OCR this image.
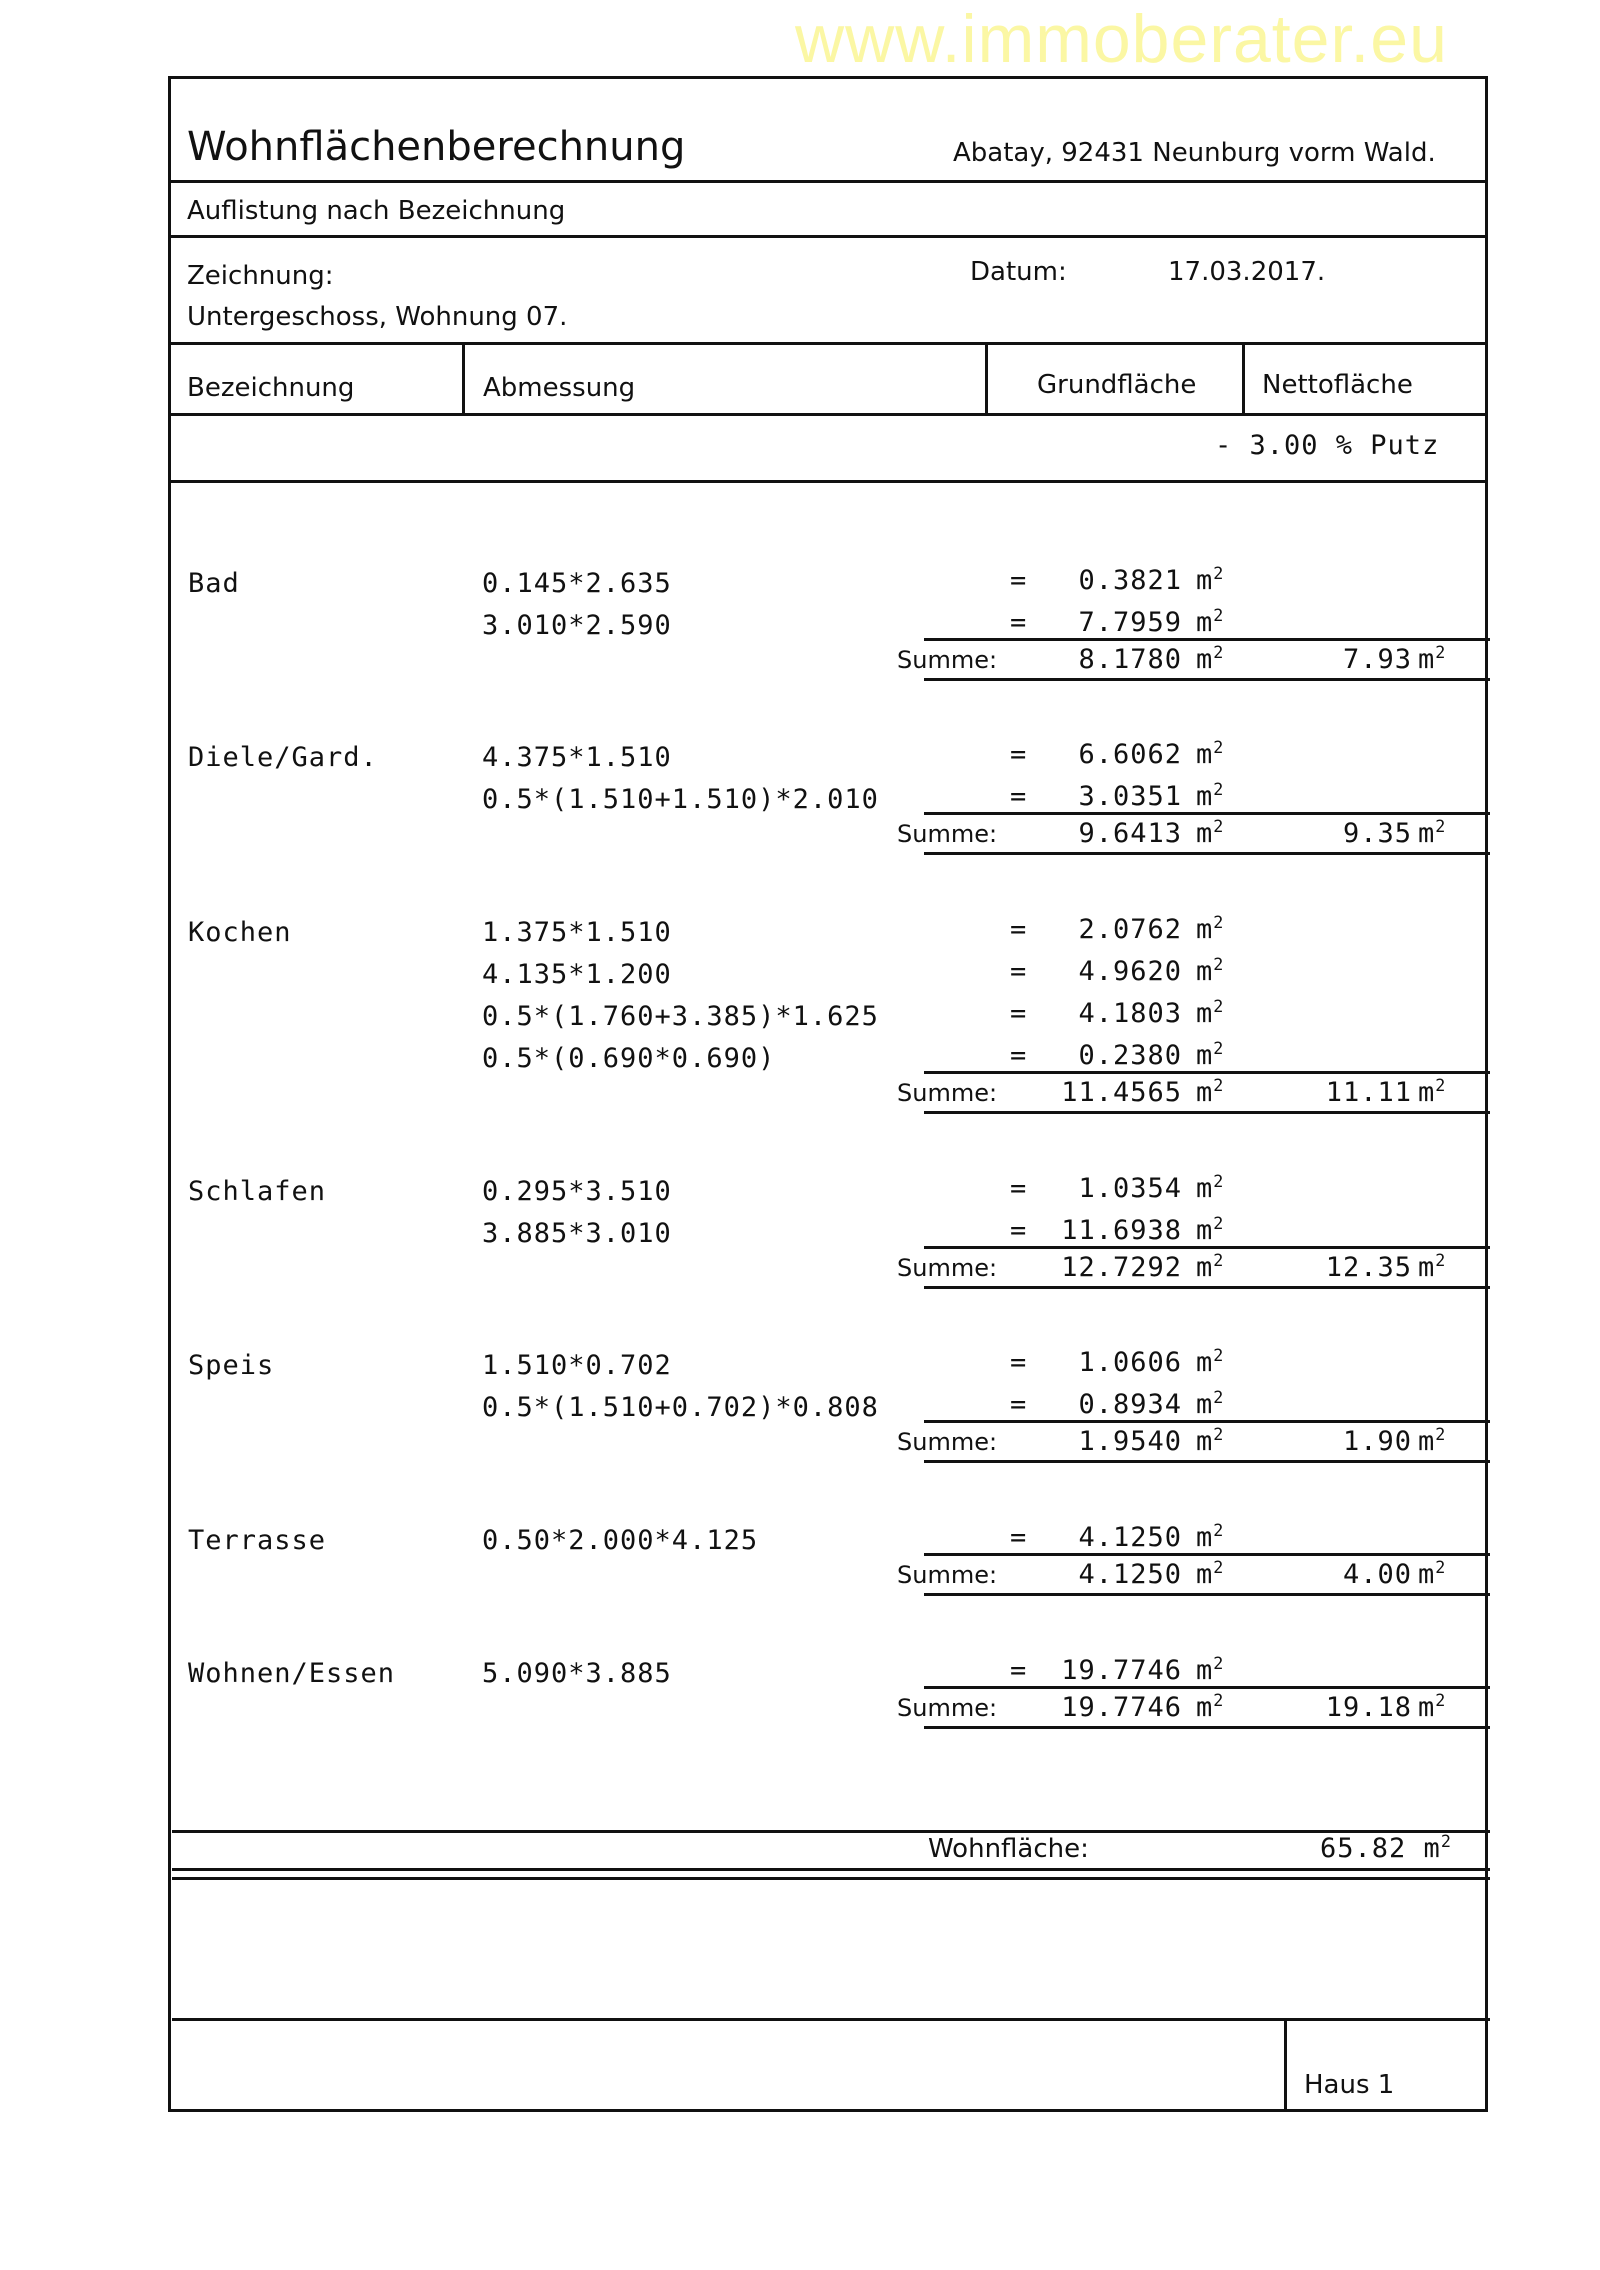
www.immoberater.eu
Wohnflächenberechnung	Abatay, 92431 Neunburg vorm Wald.
Auflistung nach Bezeichnung
Zeichnung:
Untergeschoss, Wohnung 07.
Datum:	17.03.2017.
Bezeichnung	Abmessung	Grundfläche	Nettofläche
- 3.00 % Putz
Bad	0.145*2.635	=	0.3821 $m^2$
3.010*2.590	=	7.7959 $m^2$
Summe:	8.1780 $m^2$	7.93 $m^2$
Diele/Gard.	4.375*1.510	=	6.6062 $m^2$
0.5*(1.510+1.510)*2.010	=	3.0351 $m^2$
Summe:	9.6413 $m^2$	9.35 $m^2$
Kochen	1.375*1.510	=	2.0762 $m^2$
4.135*1.200	=	4.9620 $m^2$
0.5*(1.760+3.385)*1.625	=	4.1803 $m^2$
0.5*(0.690*0.690)	=	0.2380 $m^2$
Summe:	11.4565 $m^2$	11.11 $m^2$
Schlafen	0.295*3.510	=	1.0354 $m^2$
3.885*3.010	=	11.6938 $m^2$
Summe:	12.7292 $m^2$	12.35 $m^2$
Speis	1.510*0.702	=	1.0606 $m^2$
0.5*(1.510+0.702)*0.808	=	0.8934 $m^2$
Summe:	1.9540 $m^2$	1.90 $m^2$
Terrasse	0.50*2.000*4.125	=	4.1250 $m^2$
Summe:	4.1250 $m^2$	4.00 $m^2$
Wohnen/Essen	5.090*3.885	=	19.7746 $m^2$
Summe:	19.7746 $m^2$	19.18 $m^2$
Wohnfläche:	65.82 $m^2$
Haus 1
